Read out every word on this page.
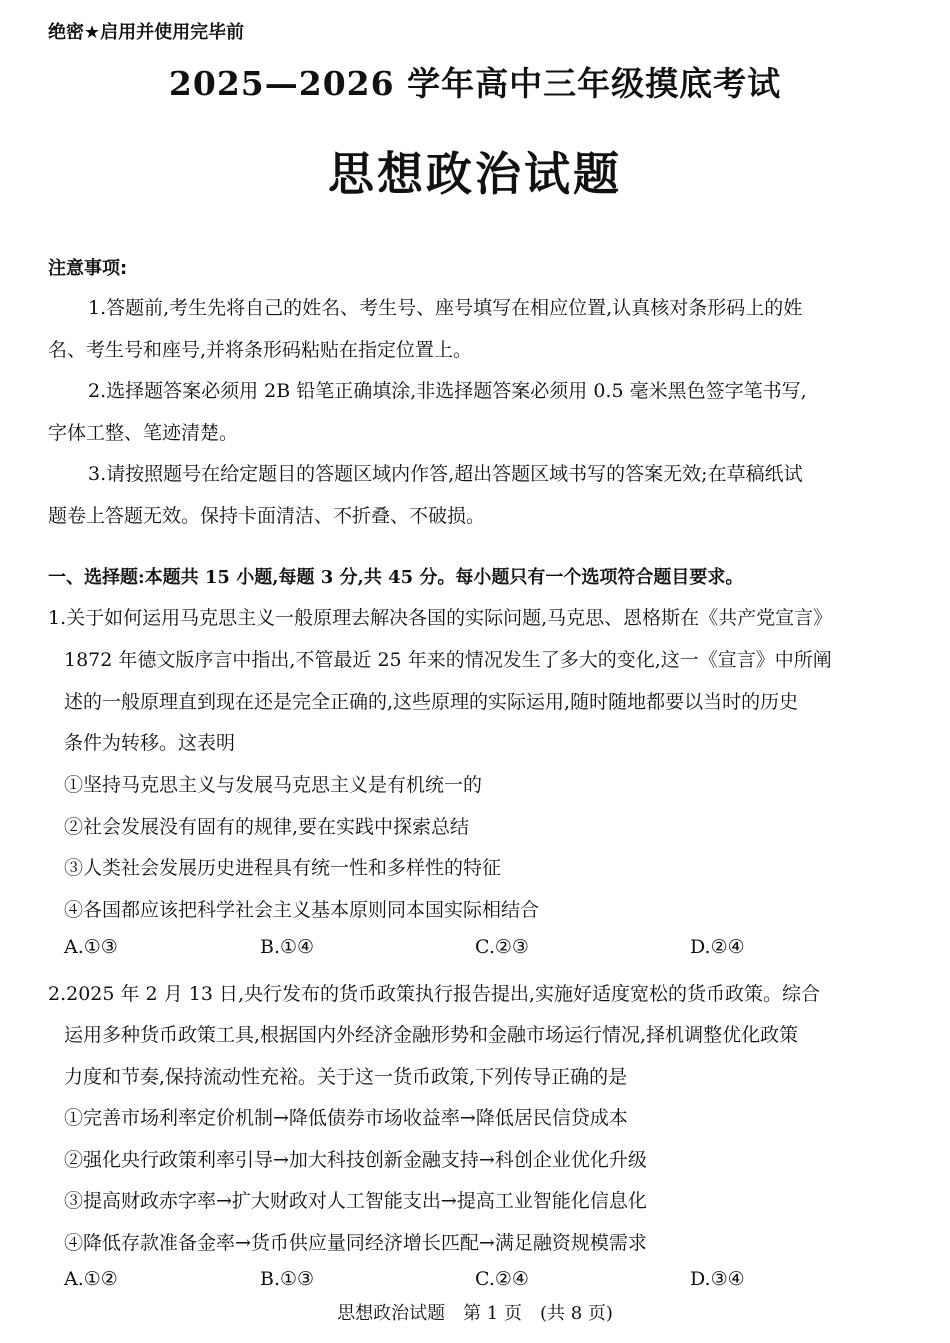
绝密★启用并使用完毕前
2025—2026 学年高中三年级摸底考试
思想政治试题
注意事项:
1.答题前,考生先将自己的姓名、考生号、座号填写在相应位置,认真核对条形码上的姓
名、考生号和座号,并将条形码粘贴在指定位置上。
2.选择题答案必须用 2B 铅笔正确填涂,非选择题答案必须用 0.5 毫米黑色签字笔书写,
字体工整、笔迹清楚。
3.请按照题号在给定题目的答题区域内作答,超出答题区域书写的答案无效;在草稿纸试
题卷上答题无效。保持卡面清洁、不折叠、不破损。
一、选择题:本题共 15 小题,每题 3 分,共 45 分。每小题只有一个选项符合题目要求。
1.关于如何运用马克思主义一般原理去解决各国的实际问题,马克思、恩格斯在《共产党宣言》
1872 年德文版序言中指出,不管最近 25 年来的情况发生了多大的变化,这一《宣言》中所阐
述的一般原理直到现在还是完全正确的,这些原理的实际运用,随时随地都要以当时的历史
条件为转移。这表明
①坚持马克思主义与发展马克思主义是有机统一的
②社会发展没有固有的规律,要在实践中探索总结
③人类社会发展历史进程具有统一性和多样性的特征
④各国都应该把科学社会主义基本原则同本国实际相结合
A.①③	B.①④	C.②③	D.②④
2.2025 年 2 月 13 日,央行发布的货币政策执行报告提出,实施好适度宽松的货币政策。综合
运用多种货币政策工具,根据国内外经济金融形势和金融市场运行情况,择机调整优化政策
力度和节奏,保持流动性充裕。关于这一货币政策,下列传导正确的是
①完善市场利率定价机制→降低债券市场收益率→降低居民信贷成本
②强化央行政策利率引导→加大科技创新金融支持→科创企业优化升级
③提高财政赤字率→扩大财政对人工智能支出→提高工业智能化信息化
④降低存款准备金率→货币供应量同经济增长匹配→满足融资规模需求
A.①②	B.①③	C.②④	D.③④
思想政治试题　第 1 页　(共 8 页)
